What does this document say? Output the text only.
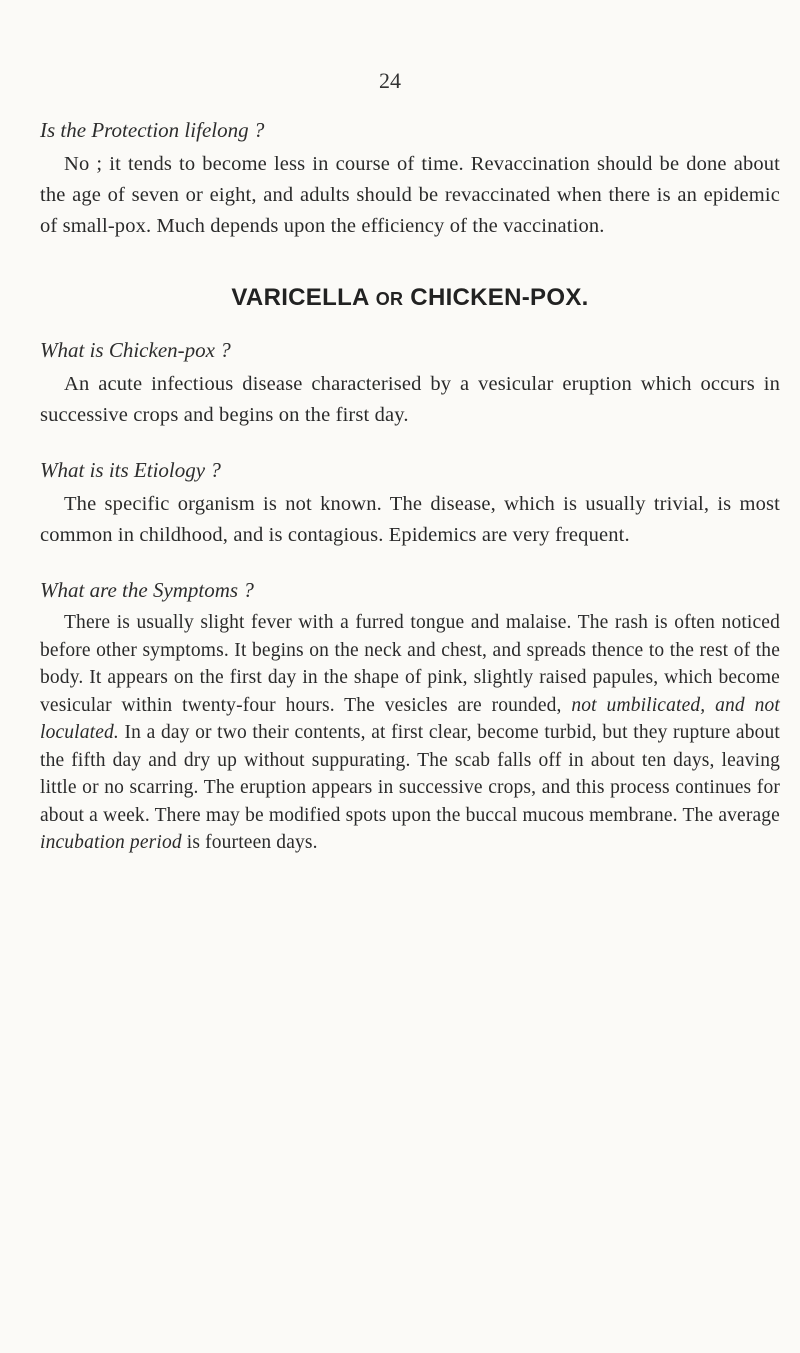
24

Is the Protection lifelong ?

No ; it tends to become less in course of time. Revaccination should be done about the age of seven or eight, and adults should be revaccinated when there is an epidemic of small-pox. Much depends upon the efficiency of the vaccination.

VARICELLA OR CHICKEN-POX.

What is Chicken-pox ?

An acute infectious disease characterised by a vesicular eruption which occurs in successive crops and begins on the first day.

What is its Etiology ?

The specific organism is not known. The disease, which is usually trivial, is most common in childhood, and is contagious. Epidemics are very frequent.

What are the Symptoms ?

There is usually slight fever with a furred tongue and malaise. The rash is often noticed before other symptoms. It begins on the neck and chest, and spreads thence to the rest of the body. It appears on the first day in the shape of pink, slightly raised papules, which become vesicular within twenty-four hours. The vesicles are rounded, not umbilicated, and not loculated. In a day or two their contents, at first clear, become turbid, but they rupture about the fifth day and dry up without suppurating. The scab falls off in about ten days, leaving little or no scarring. The eruption appears in successive crops, and this process continues for about a week. There may be modified spots upon the buccal mucous membrane. The average incubation period is fourteen days.
